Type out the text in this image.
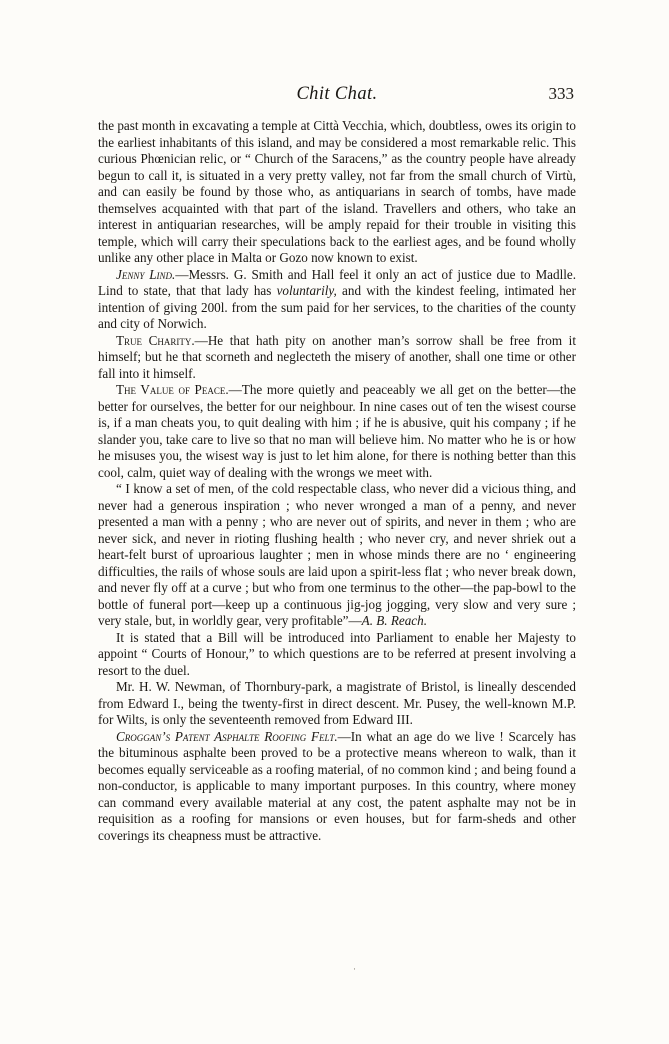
Chit Chat.	333

the past month in excavating a temple at Città Vecchia, which, doubtless, owes its origin to the earliest inhabitants of this island, and may be considered a most remarkable relic. This curious Phœnician relic, or “ Church of the Saracens,” as the country people have already begun to call it, is situated in a very pretty valley, not far from the small church of Virtù, and can easily be found by those who, as antiquarians in search of tombs, have made themselves acquainted with that part of the island. Travellers and others, who take an interest in antiquarian researches, will be amply repaid for their trouble in visiting this temple, which will carry their speculations back to the earliest ages, and be found wholly unlike any other place in Malta or Gozo now known to exist.

Jenny Lind.—Messrs. G. Smith and Hall feel it only an act of justice due to Madlle. Lind to state, that that lady has voluntarily, and with the kindest feeling, intimated her intention of giving 200l. from the sum paid for her services, to the charities of the county and city of Norwich.

True Charity.—He that hath pity on another man’s sorrow shall be free from it himself; but he that scorneth and neglecteth the misery of another, shall one time or other fall into it himself.

The Value of Peace.—The more quietly and peaceably we all get on the better—the better for ourselves, the better for our neighbour. In nine cases out of ten the wisest course is, if a man cheats you, to quit dealing with him ; if he is abusive, quit his company ; if he slander you, take care to live so that no man will believe him. No matter who he is or how he misuses you, the wisest way is just to let him alone, for there is nothing better than this cool, calm, quiet way of dealing with the wrongs we meet with.

“ I know a set of men, of the cold respectable class, who never did a vicious thing, and never had a generous inspiration ; who never wronged a man of a penny, and never presented a man with a penny ; who are never out of spirits, and never in them ; who are never sick, and never in rioting flushing health ; who never cry, and never shriek out a heart-felt burst of uproarious laughter ; men in whose minds there are no ‘ engineering difficulties, the rails of whose souls are laid upon a spirit-less flat ; who never break down, and never fly off at a curve ; but who from one terminus to the other—the pap-bowl to the bottle of funeral port—keep up a continuous jig-jog jogging, very slow and very sure ; very stale, but, in worldly gear, very profitable”—A. B. Reach.

It is stated that a Bill will be introduced into Parliament to enable her Majesty to appoint “ Courts of Honour,” to which questions are to be referred at present involving a resort to the duel.

Mr. H. W. Newman, of Thornbury-park, a magistrate of Bristol, is lineally descended from Edward I., being the twenty-first in direct descent. Mr. Pusey, the well-known M.P. for Wilts, is only the seventeenth removed from Edward III.

Croggan’s Patent Asphalte Roofing Felt.—In what an age do we live ! Scarcely has the bituminous asphalte been proved to be a protective means whereon to walk, than it becomes equally serviceable as a roofing material, of no common kind ; and being found a non-conductor, is applicable to many important purposes. In this country, where money can command every available material at any cost, the patent asphalte may not be in requisition as a roofing for mansions or even houses, but for farm-sheds and other coverings its cheapness must be attractive.

·
